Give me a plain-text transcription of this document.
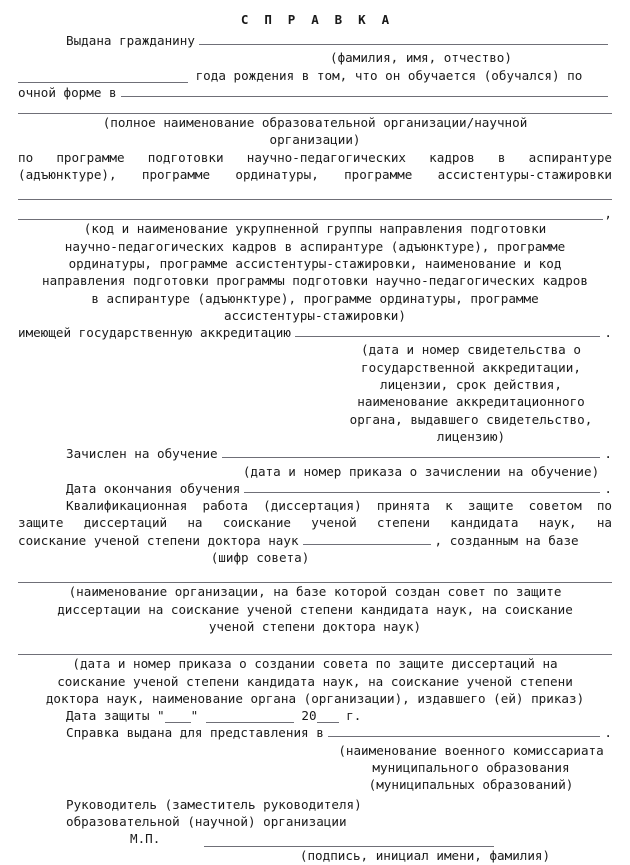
С П Р А В К А
Выдана гражданину
(фамилия, имя, отчество)
года рождения в том, что он обучается (обучался) по
очной форме в
(полное наименование образовательной организации/научной
организации)
по программе подготовки научно-педагогических кадров в аспирантуре (адъюнктуре), программе ординатуры, программе ассистентуры-стажировки
,
(код и наименование укрупненной группы направления подготовки
научно-педагогических кадров в аспирантуре (адъюнктуре), программе
ординатуры, программе ассистентуры-стажировки, наименование и код
направления подготовки программы подготовки научно-педагогических кадров
в аспирантуре (адъюнктуре), программе ординатуры, программе
ассистентуры-стажировки)
имеющей государственную аккредитацию	.
(дата и номер свидетельства о
государственной аккредитации,
лицензии, срок действия,
наименование аккредитационного
органа, выдавшего свидетельство,
лицензию)
Зачислен на обучение	.
(дата и номер приказа о зачислении на обучение)
Дата окончания обучения	.
Квалификационная работа (диссертация) принята к защите советом по
защите диссертаций на соискание ученой степени кандидата наук, на
соискание ученой степени доктора наук	, созданным на базе
(шифр совета)
(наименование организации, на базе которой создан совет по защите
диссертации на соискание ученой степени кандидата наук, на соискание
ученой степени доктора наук)
(дата и номер приказа о создании совета по защите диссертаций на
соискание ученой степени кандидата наук, на соискание ученой степени
доктора наук, наименование органа (организации), издавшего (ей) приказ)
Дата защиты " "	20 г.
Справка выдана для представления в	.
(наименование военного комиссариата
муниципального образования
(муниципальных образований)
Руководитель (заместитель руководителя)
образовательной (научной) организации
М.П.
(подпись, инициал имени, фамилия)
